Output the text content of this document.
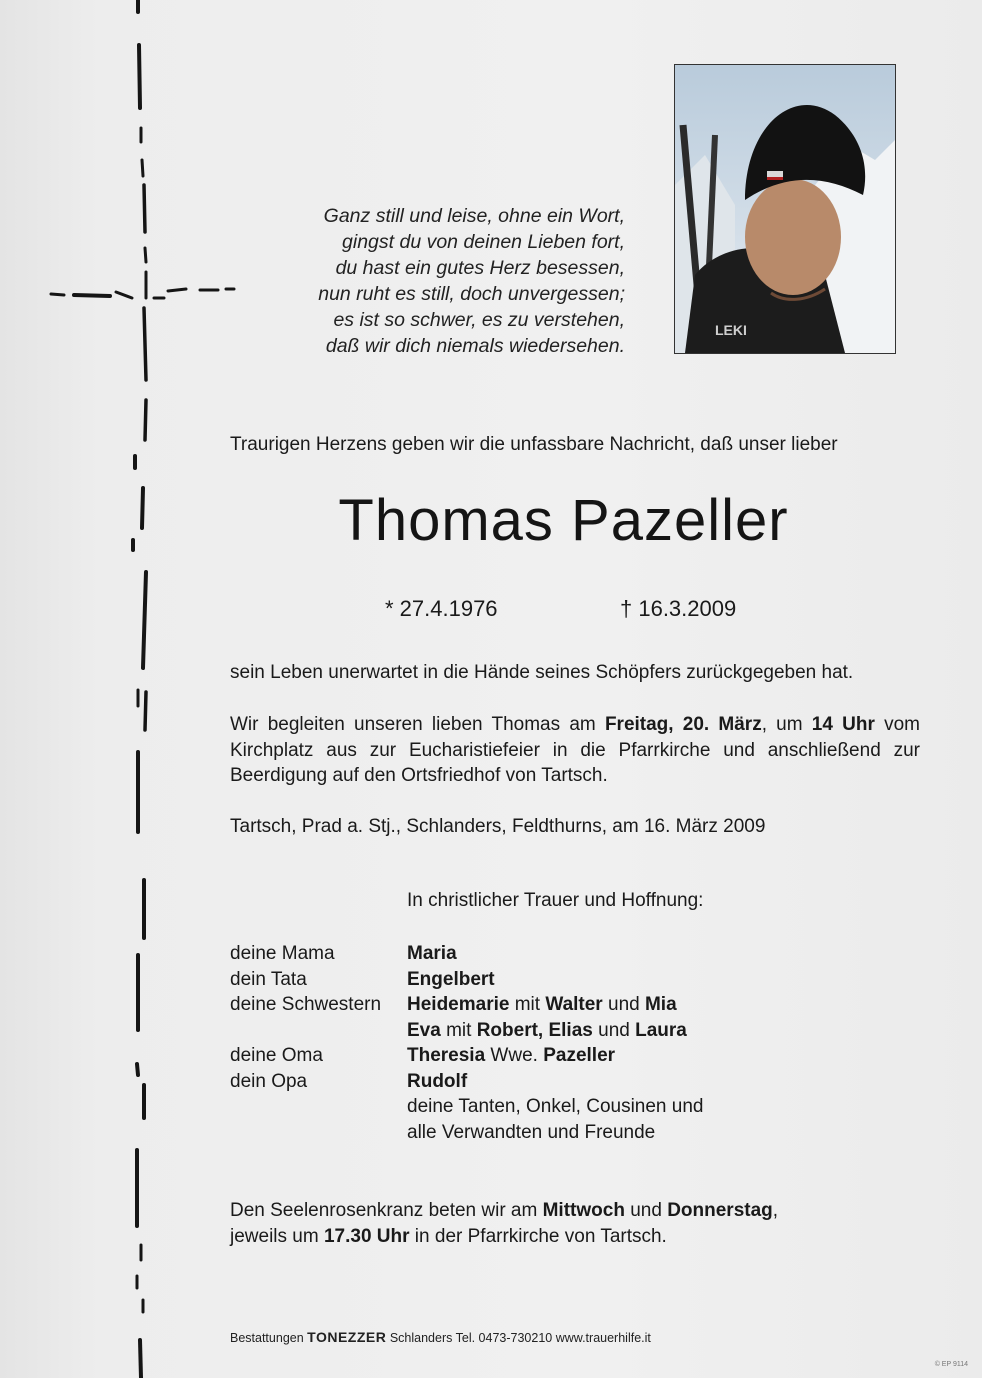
Ganz still und leise, ohne ein Wort,
gingst du von deinen Lieben fort,
du hast ein gutes Herz besessen,
nun ruht es still, doch unvergessen;
es ist so schwer, es zu verstehen,
daß wir dich niemals wiedersehen.
LEKI
Traurigen Herzens geben wir die unfassbare Nachricht, daß unser lieber
Thomas Pazeller
* 27.4.1976	† 16.3.2009
sein Leben unerwartet in die Hände seines Schöpfers zurückgegeben hat.
Wir begleiten unseren lieben Thomas am Freitag, 20. März, um 14 Uhr vom Kirchplatz aus zur Eucharistiefeier in die Pfarrkirche und anschließend zur Beerdigung auf den Ortsfriedhof von Tartsch.
Tartsch, Prad a. Stj., Schlanders, Feldthurns, am 16. März 2009
In christlicher Trauer und Hoffnung:
deine Mama	Maria
dein Tata	Engelbert
deine Schwestern	Heidemarie mit Walter und Mia
Eva mit Robert, Elias und Laura
deine Oma	Theresia Wwe. Pazeller
dein Opa	Rudolf
deine Tanten, Onkel, Cousinen und
alle Verwandten und Freunde
Den Seelenrosenkranz beten wir am Mittwoch und Donnerstag,
jeweils um 17.30 Uhr in der Pfarrkirche von Tartsch.
Bestattungen TONEZZER Schlanders Tel. 0473-730210 www.trauerhilfe.it
© EP 9114
